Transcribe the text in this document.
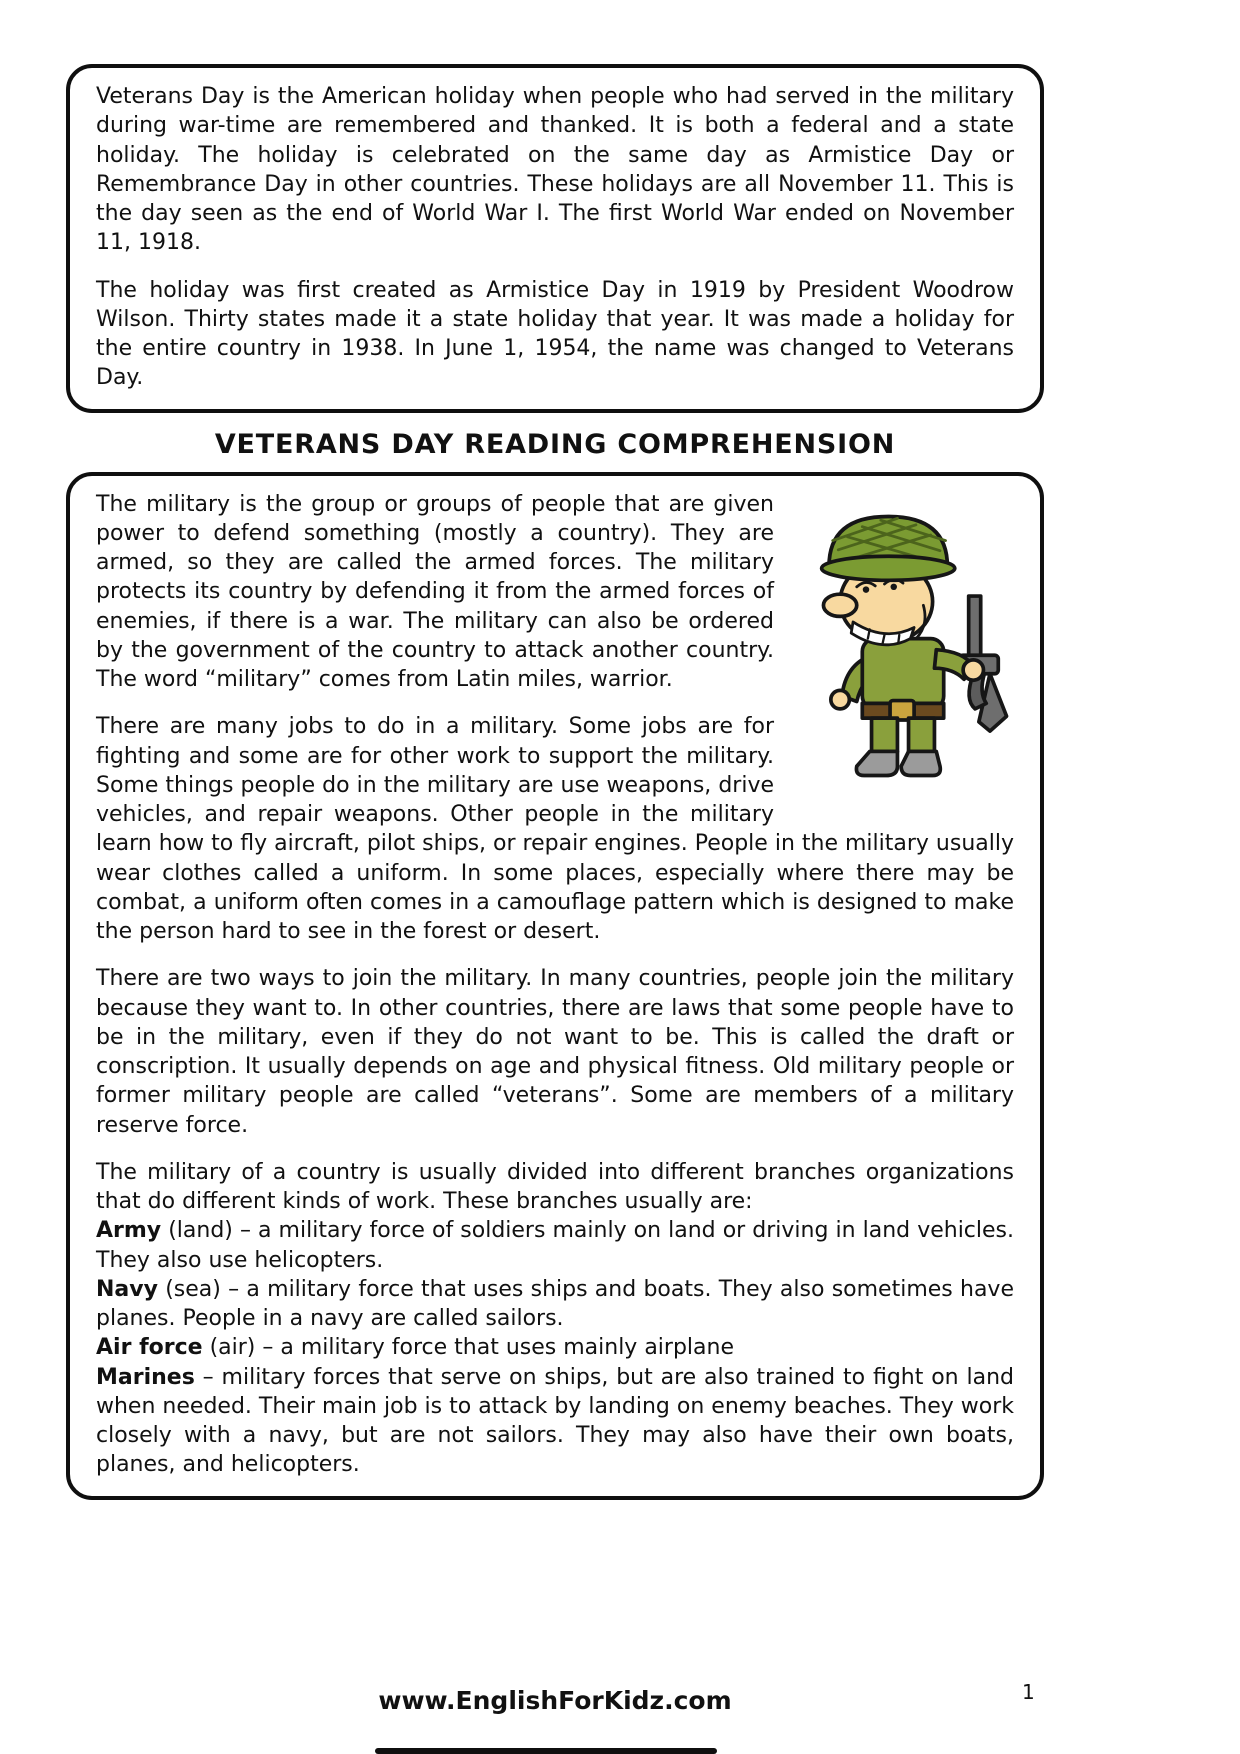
Veterans Day is the American holiday when people who had served in the military during war-time are remembered and thanked. It is both a federal and a state holiday. The holiday is celebrated on the same day as Armistice Day or Remembrance Day in other countries. These holidays are all November 11. This is the day seen as the end of World War I. The first World War ended on November 11, 1918.

The holiday was first created as Armistice Day in 1919 by President Woodrow Wilson. Thirty states made it a state holiday that year. It was made a holiday for the entire country in 1938. In June 1, 1954, the name was changed to Veterans Day.

VETERANS DAY READING COMPREHENSION

The military is the group or groups of people that are given power to defend something (mostly a country). They are armed, so they are called the armed forces. The military protects its country by defending it from the armed forces of enemies, if there is a war. The military can also be ordered by the government of the country to attack another country. The word “military” comes from Latin miles, warrior.

There are many jobs to do in a military. Some jobs are for fighting and some are for other work to support the military. Some things people do in the military are use weapons, drive vehicles, and repair weapons. Other people in the military learn how to fly aircraft, pilot ships, or repair engines. People in the military usually wear clothes called a uniform. In some places, especially where there may be combat, a uniform often comes in a camouflage pattern which is designed to make the person hard to see in the forest or desert.

There are two ways to join the military. In many countries, people join the military because they want to. In other countries, there are laws that some people have to be in the military, even if they do not want to be. This is called the draft or conscription. It usually depends on age and physical fitness. Old military people or former military people are called “veterans”. Some are members of a military reserve force.

The military of a country is usually divided into different branches organizations that do different kinds of work. These branches usually are:

Army (land) – a military force of soldiers mainly on land or driving in land vehicles. They also use helicopters.

Navy (sea) – a military force that uses ships and boats. They also sometimes have planes. People in a navy are called sailors.

Air force (air) – a military force that uses mainly airplane

Marines – military forces that serve on ships, but are also trained to fight on land when needed. Their main job is to attack by landing on enemy beaches. They work closely with a navy, but are not sailors. They may also have their own boats, planes, and helicopters.

www.EnglishForKidz.com	1
